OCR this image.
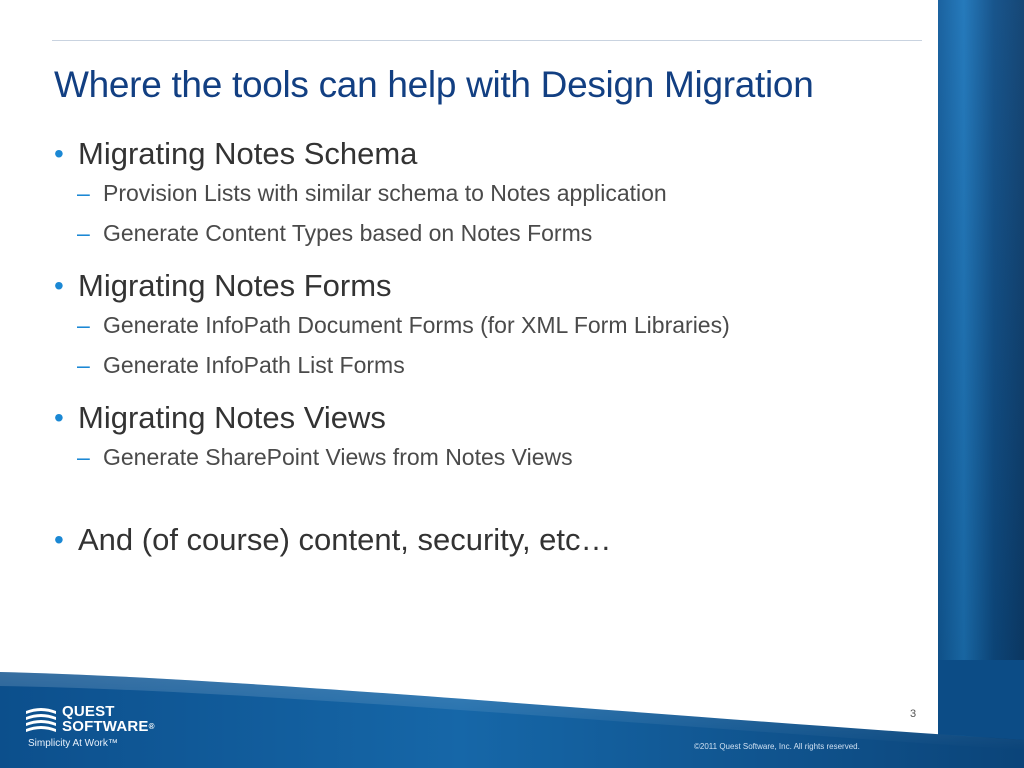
Where the tools can help with Design Migration
• Migrating Notes Schema
– Provision Lists with similar schema to Notes application
– Generate Content Types based on Notes Forms
• Migrating Notes Forms
– Generate InfoPath Document Forms (for XML Form Libraries)
– Generate InfoPath List Forms
• Migrating Notes Views
– Generate SharePoint Views from Notes Views
• And (of course) content, security, etc…
QUEST
SOFTWARE®
Simplicity At Work™
3
©2011 Quest Software, Inc. All rights reserved.
